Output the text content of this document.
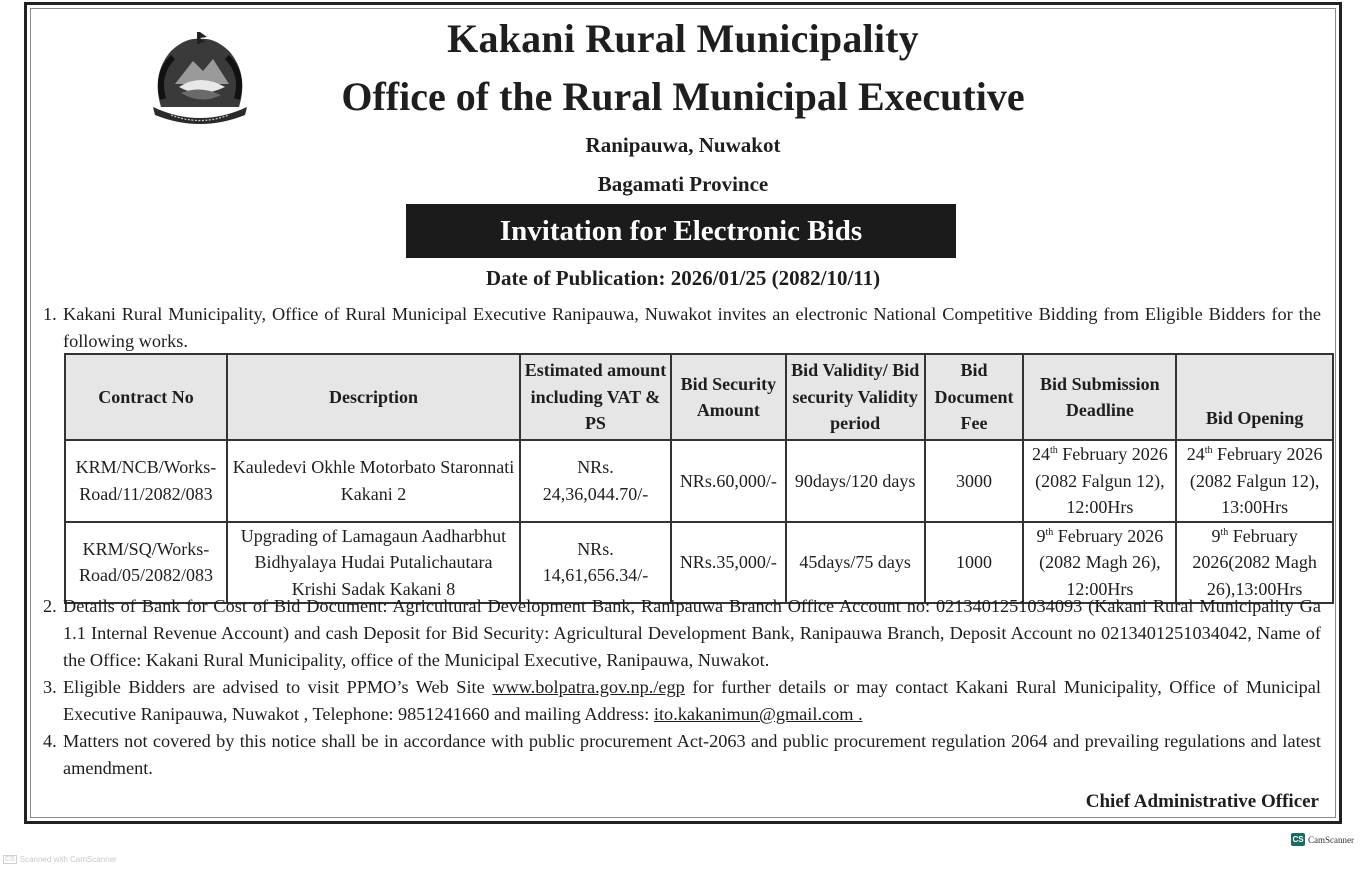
Kakani Rural Municipality
Office of the Rural Municipal Executive
Ranipauwa, Nuwakot
Bagamati Province
Invitation for Electronic Bids
Date of Publication: 2026/01/25 (2082/10/11)
1. Kakani Rural Municipality, Office of Rural Municipal Executive Ranipauwa, Nuwakot invites an electronic National Competitive Bidding from Eligible Bidders for the following works.
Contract No	Description	Estimated amount including VAT & PS	Bid Security Amount	Bid Validity/ Bid security Validity period	Bid Document Fee	Bid Submission Deadline	Bid Opening
KRM/NCB/Works-Road/11/2082/083	Kauledevi Okhle Motorbato Staronnati Kakani 2	NRs. 24,36,044.70/-	NRs.60,000/-	90days/120 days	3000	24th February 2026 (2082 Falgun 12), 12:00Hrs	24th February 2026 (2082 Falgun 12), 13:00Hrs
KRM/SQ/Works-Road/05/2082/083	Upgrading of Lamagaun Aadharbhut Bidhyalaya Hudai Putalichautara Krishi Sadak Kakani 8	NRs. 14,61,656.34/-	NRs.35,000/-	45days/75 days	1000	9th February 2026 (2082 Magh 26), 12:00Hrs	9th February 2026(2082 Magh 26),13:00Hrs
2. Details of Bank for Cost of Bid Document: Agricultural Development Bank, Ranipauwa Branch Office Account no: 0213401251034093 (Kakani Rural Municipality Ga 1.1 Internal Revenue Account) and cash Deposit for Bid Security: Agricultural Development Bank, Ranipauwa Branch, Deposit Account no 0213401251034042, Name of the Office: Kakani Rural Municipality, office of the Municipal Executive, Ranipauwa, Nuwakot.
3. Eligible Bidders are advised to visit PPMO’s Web Site www.bolpatra.gov.np./egp for further details or may contact Kakani Rural Municipality, Office of Municipal Executive Ranipauwa, Nuwakot , Telephone: 9851241660 and mailing Address: ito.kakanimun@gmail.com .
4. Matters not covered by this notice shall be in accordance with public procurement Act-2063 and public procurement regulation 2064 and prevailing regulations and latest amendment.
Chief Administrative Officer
CS CamScanner
CS Scanned with CamScanner
